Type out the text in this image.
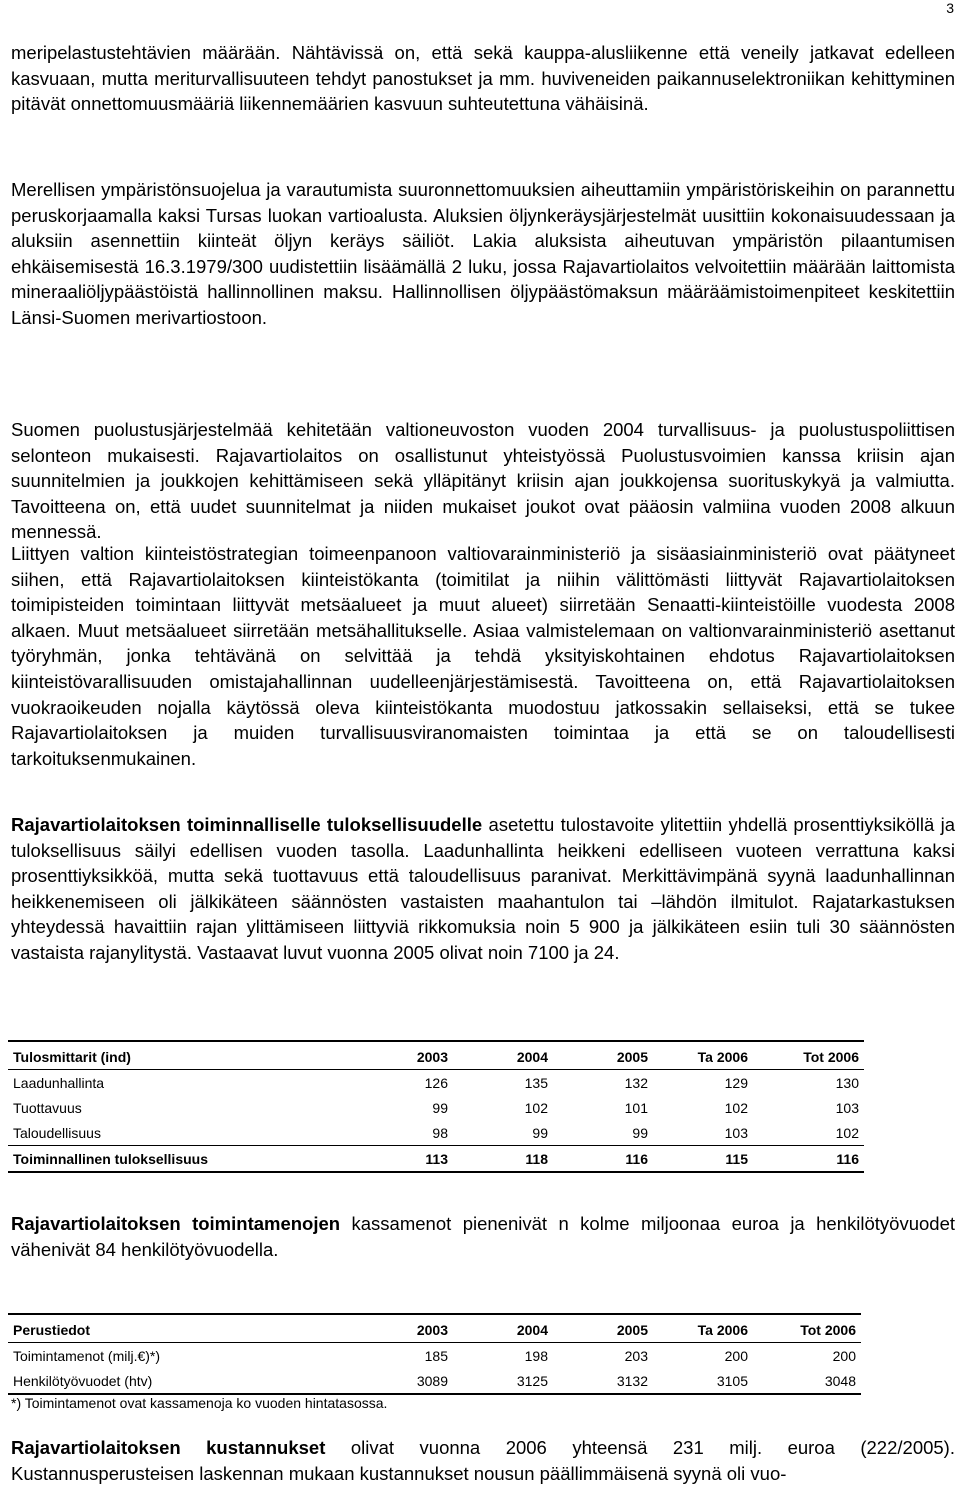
3

meripelastustehtävien määrään. Nähtävissä on, että sekä kauppa-alusliikenne että veneily jatkavat edelleen kasvuaan, mutta meriturvallisuuteen tehdyt panostukset ja mm. huviveneiden paikannuselektroniikan kehittyminen pitävät onnettomuusmääriä liikennemäärien kasvuun suhteutettuna vähäisinä.

Merellisen ympäristönsuojelua ja varautumista suuronnettomuuksien aiheuttamiin ympäristöriskeihin on parannettu peruskorjaamalla kaksi Tursas luokan vartioalusta. Aluksien öljynkeräysjärjestelmät uusittiin kokonaisuudessaan ja aluksiin asennettiin kiinteät öljyn keräys säiliöt. Lakia aluksista aiheutuvan ympäristön pilaantumisen ehkäisemisestä 16.3.1979/300 uudistettiin lisäämällä 2 luku, jossa Rajavartiolaitos velvoitettiin määrään laittomista mineraaliöljypäästöistä hallinnollinen maksu. Hallinnollisen öljypäästömaksun määräämistoimenpiteet keskitettiin Länsi-Suomen merivartiostoon.

Suomen puolustusjärjestelmää kehitetään valtioneuvoston vuoden 2004 turvallisuus- ja puolustuspoliittisen selonteon mukaisesti. Rajavartiolaitos on osallistunut yhteistyössä Puolustusvoimien kanssa kriisin ajan suunnitelmien ja joukkojen kehittämiseen sekä ylläpitänyt kriisin ajan joukkojensa suorituskykyä ja valmiutta. Tavoitteena on, että uudet suunnitelmat ja niiden mukaiset joukot ovat pääosin valmiina vuoden 2008 alkuun mennessä.

Liittyen valtion kiinteistöstrategian toimeenpanoon valtiovarainministeriö ja sisäasiainministeriö ovat päätyneet siihen, että Rajavartiolaitoksen kiinteistökanta (toimitilat ja niihin välittömästi liittyvät Rajavartiolaitoksen toimipisteiden toimintaan liittyvät metsäalueet ja muut alueet) siirretään Senaatti-kiinteistöille vuodesta 2008 alkaen. Muut metsäalueet siirretään metsähallitukselle. Asiaa valmistelemaan on valtionvarainministeriö asettanut työryhmän, jonka tehtävänä on selvittää ja tehdä yksityiskohtainen ehdotus Rajavartiolaitoksen kiinteistövarallisuuden omistajahallinnan uudelleenjärjestämisestä. Tavoitteena on, että Rajavartiolaitoksen vuokraoikeuden nojalla käytössä oleva kiinteistökanta muodostuu jatkossakin sellaiseksi, että se tukee Rajavartiolaitoksen ja muiden turvallisuusviranomaisten toimintaa ja että se on taloudellisesti tarkoituksenmukainen.

Rajavartiolaitoksen toiminnalliselle tuloksellisuudelle asetettu tulostavoite ylitettiin yhdellä prosenttiyksiköllä ja tuloksellisuus säilyi edellisen vuoden tasolla. Laadunhallinta heikkeni edelliseen vuoteen verrattuna kaksi prosenttiyksikköä, mutta sekä tuottavuus että taloudellisuus paranivat. Merkittävimpänä syynä laadunhallinnan heikkenemiseen oli jälkikäteen säännösten vastaisten maahantulon tai –lähdön ilmitulot. Rajatarkastuksen yhteydessä havaittiin rajan ylittämiseen liittyviä rikkomuksia noin 5 900 ja jälkikäteen esiin tuli 30 säännösten vastaista rajanylitystä. Vastaavat luvut vuonna 2005 olivat noin 7100 ja 24.

Tulosmittarit (ind)	2003	2004	2005	Ta 2006	Tot 2006
Laadunhallinta	126	135	132	129	130
Tuottavuus	99	102	101	102	103
Taloudellisuus	98	99	99	103	102
Toiminnallinen tuloksellisuus	113	118	116	115	116

Rajavartiolaitoksen toimintamenojen kassamenot pienenivät n kolme miljoonaa euroa ja henkilötyövuodet vähenivät 84 henkilötyövuodella.

Perustiedot	2003	2004	2005	Ta 2006	Tot 2006
Toimintamenot (milj.€)*)	185	198	203	200	200
Henkilötyövuodet (htv)	3089	3125	3132	3105	3048
*) Toimintamenot ovat kassamenoja ko vuoden hintatasossa.

Rajavartiolaitoksen kustannukset olivat vuonna 2006 yhteensä 231 milj. euroa (222/2005). Kustannusperusteisen laskennan mukaan kustannukset nousun päällimmäisenä syynä oli vuo-
